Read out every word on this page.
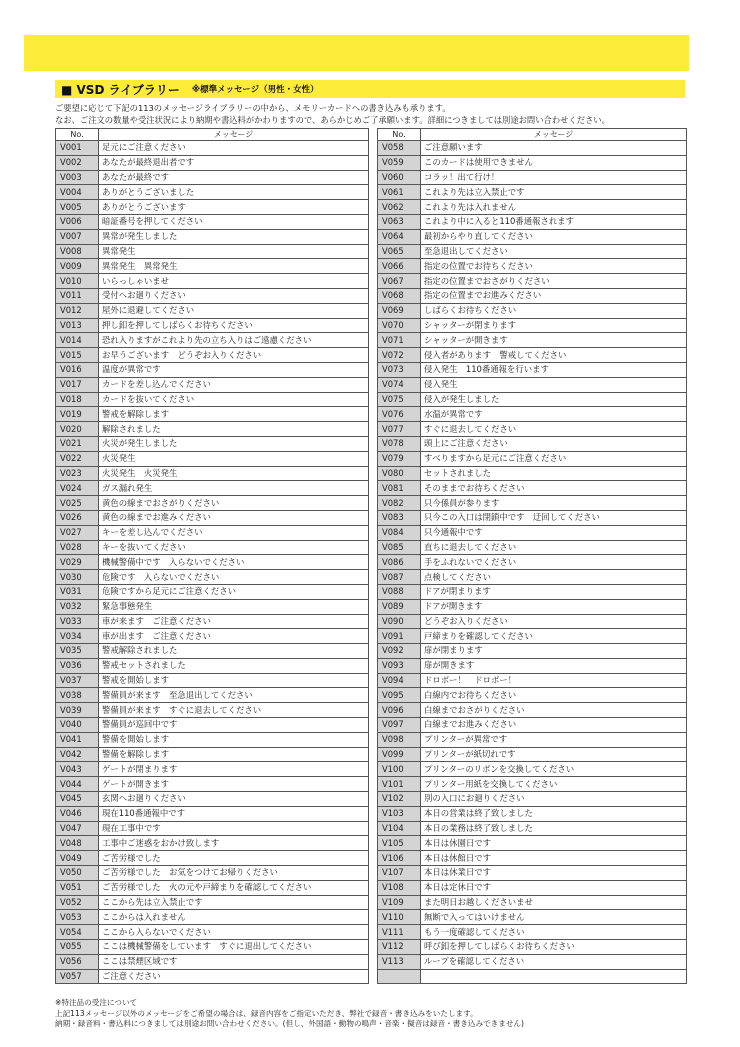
■ VSD ライブラリー ※標準メッセージ（男性・女性）
ご要望に応じて下記の113のメッセージライブラリーの中から、メモリーカードへの書き込みも承ります。
なお、ご注文の数量や受注状況により納期や書込料がかわりますので、あらかじめご了承願います。詳細につきましては別途お問い合わせください。
No.	メッセージ
V001	足元にご注意ください
V002	あなたが最終退出者です
V003	あなたが最終です
V004	ありがとうございました
V005	ありがとうございます
V006	暗証番号を押してください
V007	異常が発生しました
V008	異常発生
V009	異常発生　異常発生
V010	いらっしゃいませ
V011	受付へお廻りください
V012	屋外に退避してください
V013	押し釦を押してしばらくお待ちください
V014	恐れ入りますがこれより先の立ち入りはご遠慮ください
V015	お早うございます　どうぞお入りください
V016	温度が異常です
V017	カードを差し込んでください
V018	カードを抜いてください
V019	警戒を解除します
V020	解除されました
V021	火災が発生しました
V022	火災発生
V023	火災発生　火災発生
V024	ガス漏れ発生
V025	黄色の線までおさがりください
V026	黄色の線までお進みください
V027	キーを差し込んでください
V028	キーを抜いてください
V029	機械警備中です　入らないでください
V030	危険です　入らないでください
V031	危険ですから足元にご注意ください
V032	緊急事態発生
V033	車が来ます　ご注意ください
V034	車が出ます　ご注意ください
V035	警戒解除されました
V036	警戒セットされました
V037	警戒を開始します
V038	警備員が来ます　至急退出してください
V039	警備員が来ます　すぐに退去してください
V040	警備員が巡回中です
V041	警備を開始します
V042	警備を解除します
V043	ゲートが閉まります
V044	ゲートが開きます
V045	玄関へお廻りください
V046	現在110番通報中です
V047	現在工事中です
V048	工事中ご迷惑をおかけ致します
V049	ご苦労様でした
V050	ご苦労様でした　お気をつけてお帰りください
V051	ご苦労様でした　火の元や戸締まりを確認してください
V052	ここから先は立入禁止です
V053	ここからは入れません
V054	ここから入らないでください
V055	ここは機械警備をしています　すぐに退出してください
V056	ここは禁煙区域です
V057	ご注意ください
No.	メッセージ
V058	ご注意願います
V059	このカードは使用できません
V060	コラッ！出て行け！
V061	これより先は立入禁止です
V062	これより先は入れません
V063	これより中に入ると110番通報されます
V064	最初からやり直してください
V065	至急退出してください
V066	指定の位置でお待ちください
V067	指定の位置までおさがりください
V068	指定の位置までお進みください
V069	しばらくお待ちください
V070	シャッターが閉まります
V071	シャッターが開きます
V072	侵入者があります　警戒してください
V073	侵入発生　110番通報を行います
V074	侵入発生
V075	侵入が発生しました
V076	水温が異常です
V077	すぐに退去してください
V078	頭上にご注意ください
V079	すべりますから足元にご注意ください
V080	セットされました
V081	そのままでお待ちください
V082	只今係員が参ります
V083	只今この入口は閉鎖中です　迂回してください
V084	只今通報中です
V085	直ちに退去してください
V086	手をふれないでください
V087	点検してください
V088	ドアが閉まります
V089	ドアが開きます
V090	どうぞお入りください
V091	戸締まりを確認してください
V092	扉が閉まります
V093	扉が開きます
V094	ドロボー！　ドロボー！
V095	白線内でお待ちください
V096	白線までおさがりください
V097	白線までお進みください
V098	プリンターが異常です
V099	プリンターが紙切れです
V100	プリンターのリボンを交換してください
V101	プリンター用紙を交換してください
V102	別の入口にお廻りください
V103	本日の営業は終了致しました
V104	本日の業務は終了致しました
V105	本日は休園日です
V106	本日は休館日です
V107	本日は休業日です
V108	本日は定休日です
V109	また明日お越しくださいませ
V110	無断で入ってはいけません
V111	もう一度確認してください
V112	呼び釦を押してしばらくお待ちください
V113	ループを確認してください

※特注品の受注について
上記113メッセージ以外のメッセージをご希望の場合は、録音内容をご指定いただき、弊社で録音・書き込みをいたします。
納期・録音料・書込料につきましては別途お問い合わせください。(但し、外国語・動物の鳴声・音楽・擬音は録音・書き込みできません)
